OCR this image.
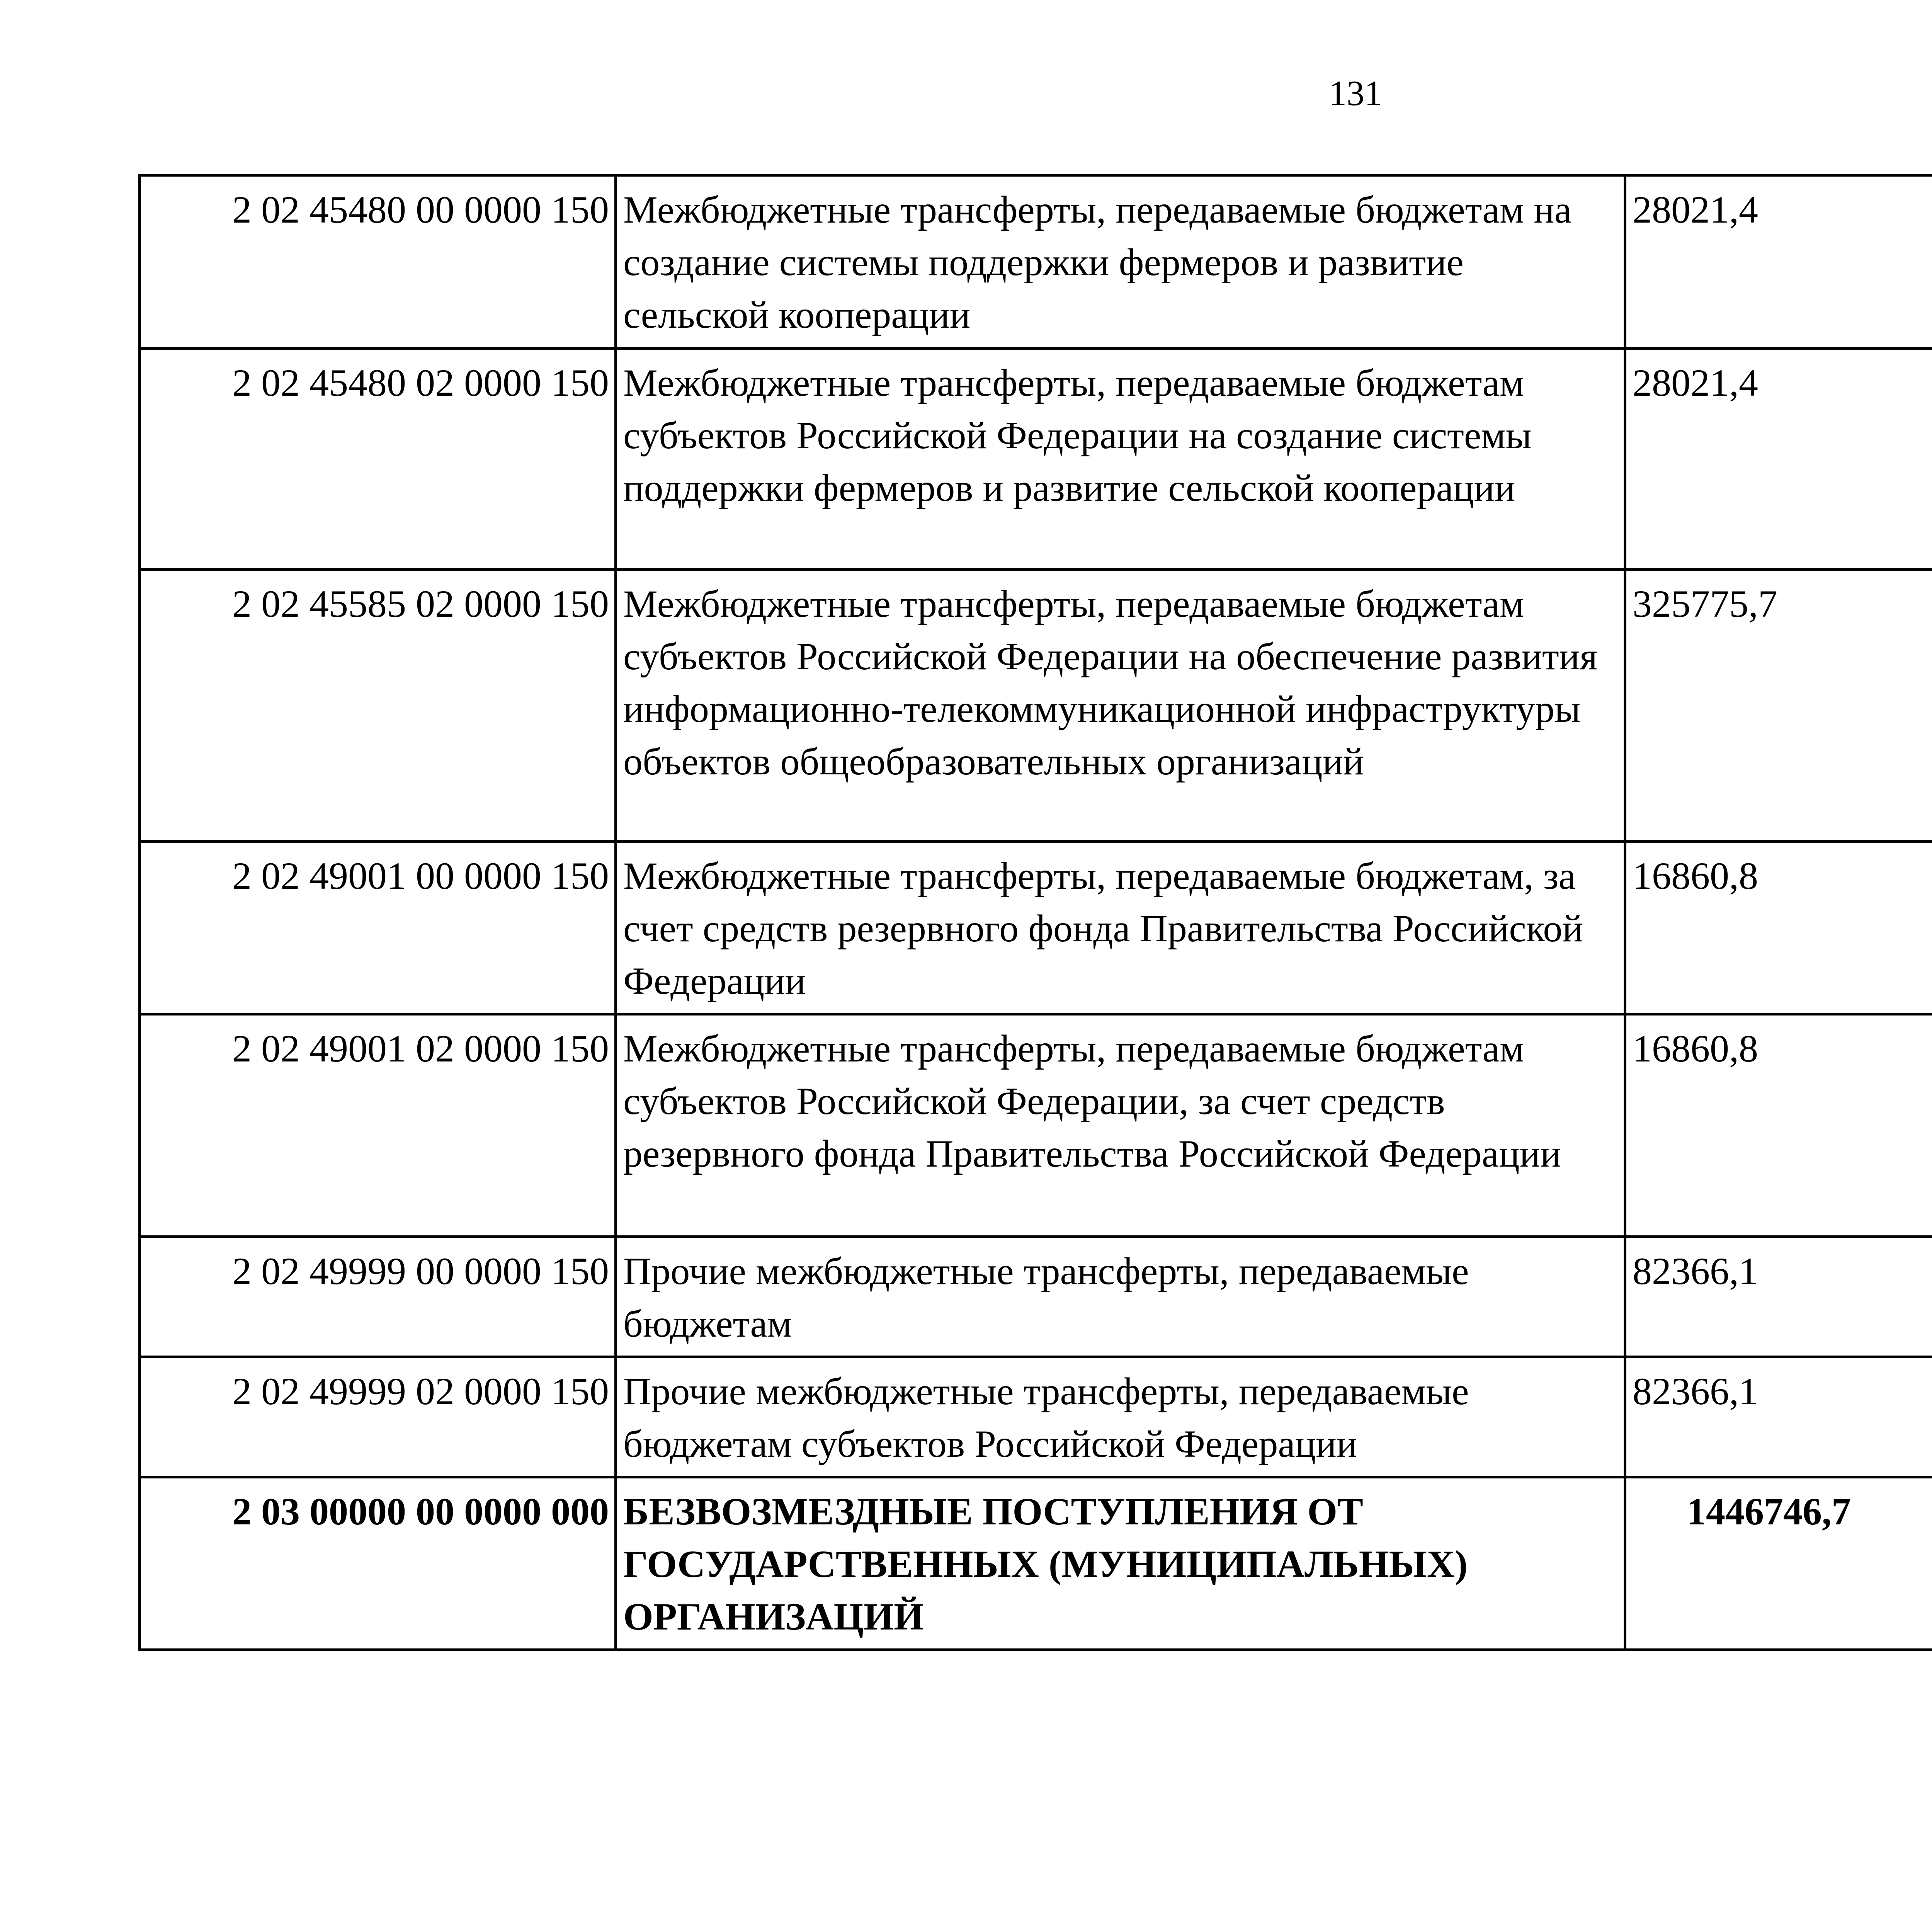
131
2 02 45480 00 0000 150	Межбюджетные трансферты, передаваемые бюджетам на создание системы поддержки фермеров и развитие сельской кооперации	28021,4		
2 02 45480 02 0000 150	Межбюджетные трансферты, передаваемые бюджетам субъектов Российской Федерации на создание системы поддержки фермеров и развитие сельской кооперации	28021,4		
2 02 45585 02 0000 150	Межбюджетные трансферты, передаваемые бюджетам субъектов Российской Федерации на обеспечение развития информационно-телекоммуникационной инфраструктуры объектов общеобразовательных организаций	325775,7		
2 02 49001 00 0000 150	Межбюджетные трансферты, передаваемые бюджетам, за счет средств резервного фонда Правительства Российской Федерации	16860,8		
2 02 49001 02 0000 150	Межбюджетные трансферты, передаваемые бюджетам субъектов Российской Федерации, за счет средств резервного фонда Правительства Российской Федерации	16860,8		
2 02 49999 00 0000 150	Прочие межбюджетные трансферты, передаваемые бюджетам	82366,1		
2 02 49999 02 0000 150	Прочие межбюджетные трансферты, передаваемые бюджетам субъектов Российской Федерации	82366,1		
2 03 00000 00 0000 000	БЕЗВОЗМЕЗДНЫЕ ПОСТУПЛЕНИЯ ОТ ГОСУДАРСТВЕННЫХ (МУНИЦИПАЛЬНЫХ) ОРГАНИЗАЦИЙ	1446746,7		
